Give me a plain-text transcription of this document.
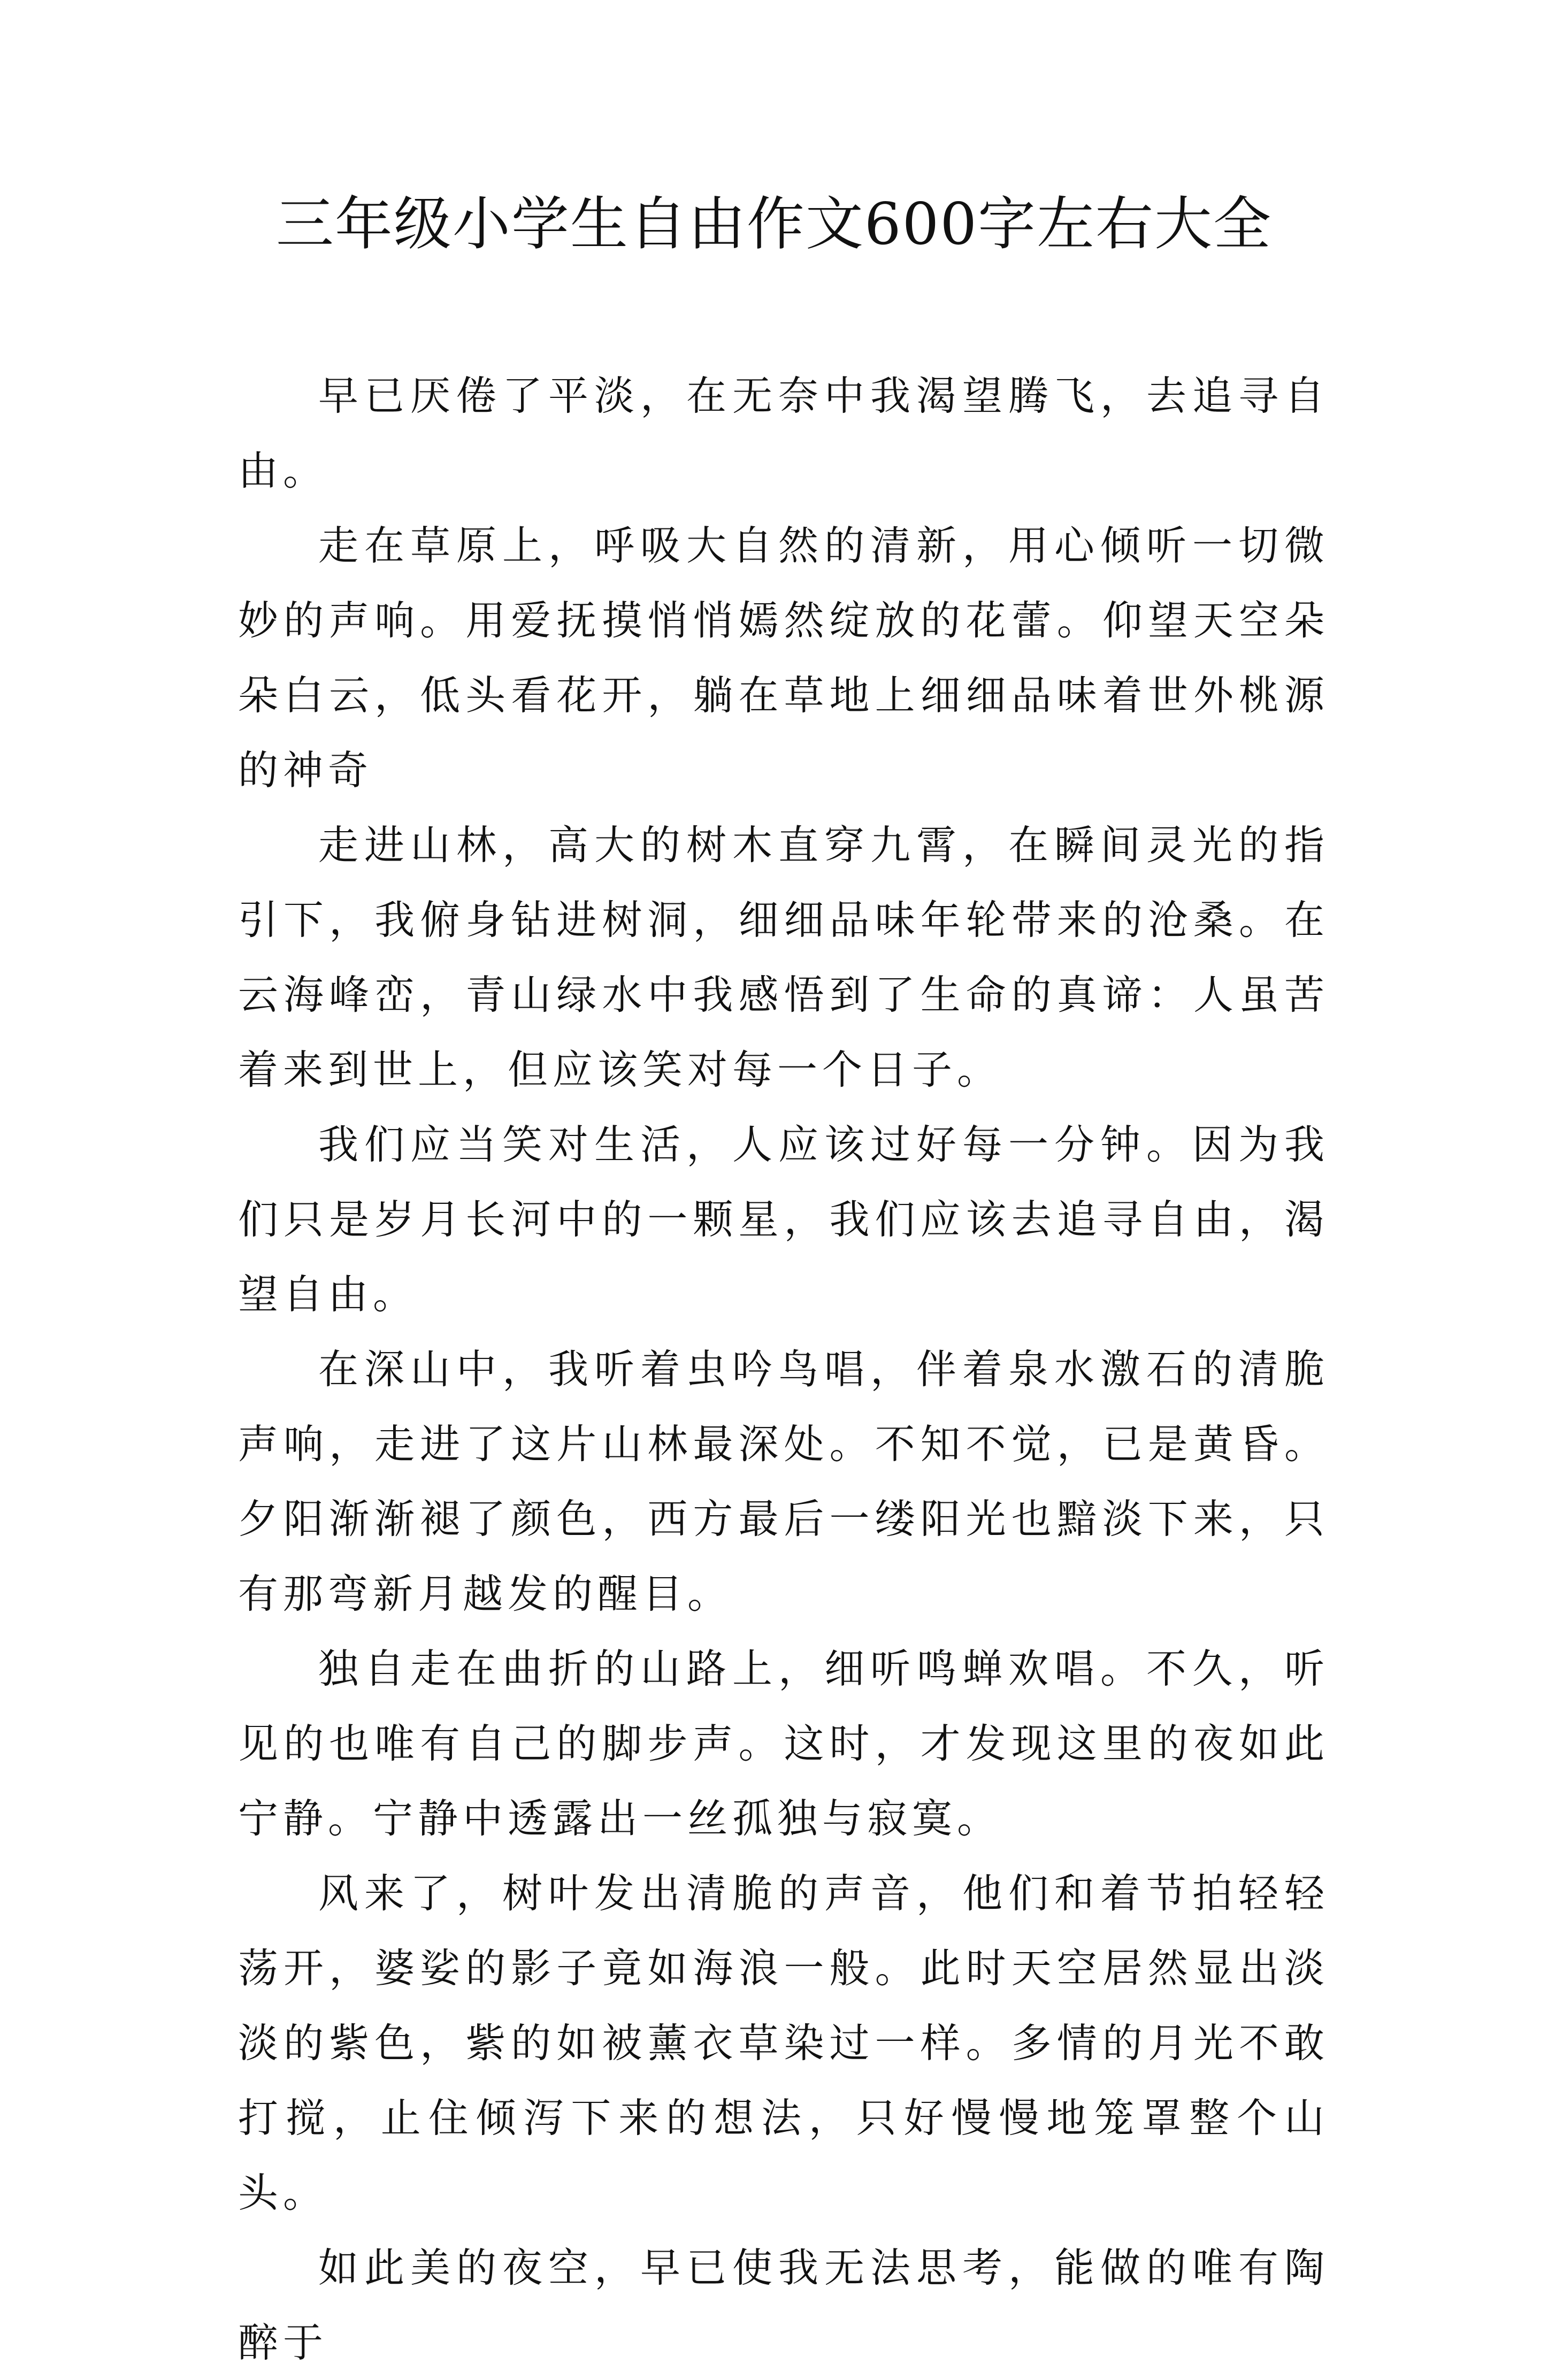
三年级小学生自由作文600字左右大全

早已厌倦了平淡，在无奈中我渴望腾飞，去追寻自由。

走在草原上，呼吸大自然的清新，用心倾听一切微妙的声响。用爱抚摸悄悄嫣然绽放的花蕾。仰望天空朵朵白云，低头看花开，躺在草地上细细品味着世外桃源的神奇

走进山林，高大的树木直穿九霄，在瞬间灵光的指引下，我俯身钻进树洞，细细品味年轮带来的沧桑。在云海峰峦，青山绿水中我感悟到了生命的真谛：人虽苦着来到世上，但应该笑对每一个日子。

我们应当笑对生活，人应该过好每一分钟。因为我们只是岁月长河中的一颗星，我们应该去追寻自由，渴望自由。

在深山中，我听着虫吟鸟唱，伴着泉水激石的清脆声响，走进了这片山林最深处。不知不觉，已是黄昏。夕阳渐渐褪了颜色，西方最后一缕阳光也黯淡下来，只有那弯新月越发的醒目。

独自走在曲折的山路上，细听鸣蝉欢唱。不久，听见的也唯有自己的脚步声。这时，才发现这里的夜如此宁静。宁静中透露出一丝孤独与寂寞。

风来了，树叶发出清脆的声音，他们和着节拍轻轻荡开，婆娑的影子竟如海浪一般。此时天空居然显出淡淡的紫色，紫的如被薰衣草染过一样。多情的月光不敢打搅，止住倾泻下来的想法，只好慢慢地笼罩整个山头。

如此美的夜空，早已使我无法思考，能做的唯有陶醉于
